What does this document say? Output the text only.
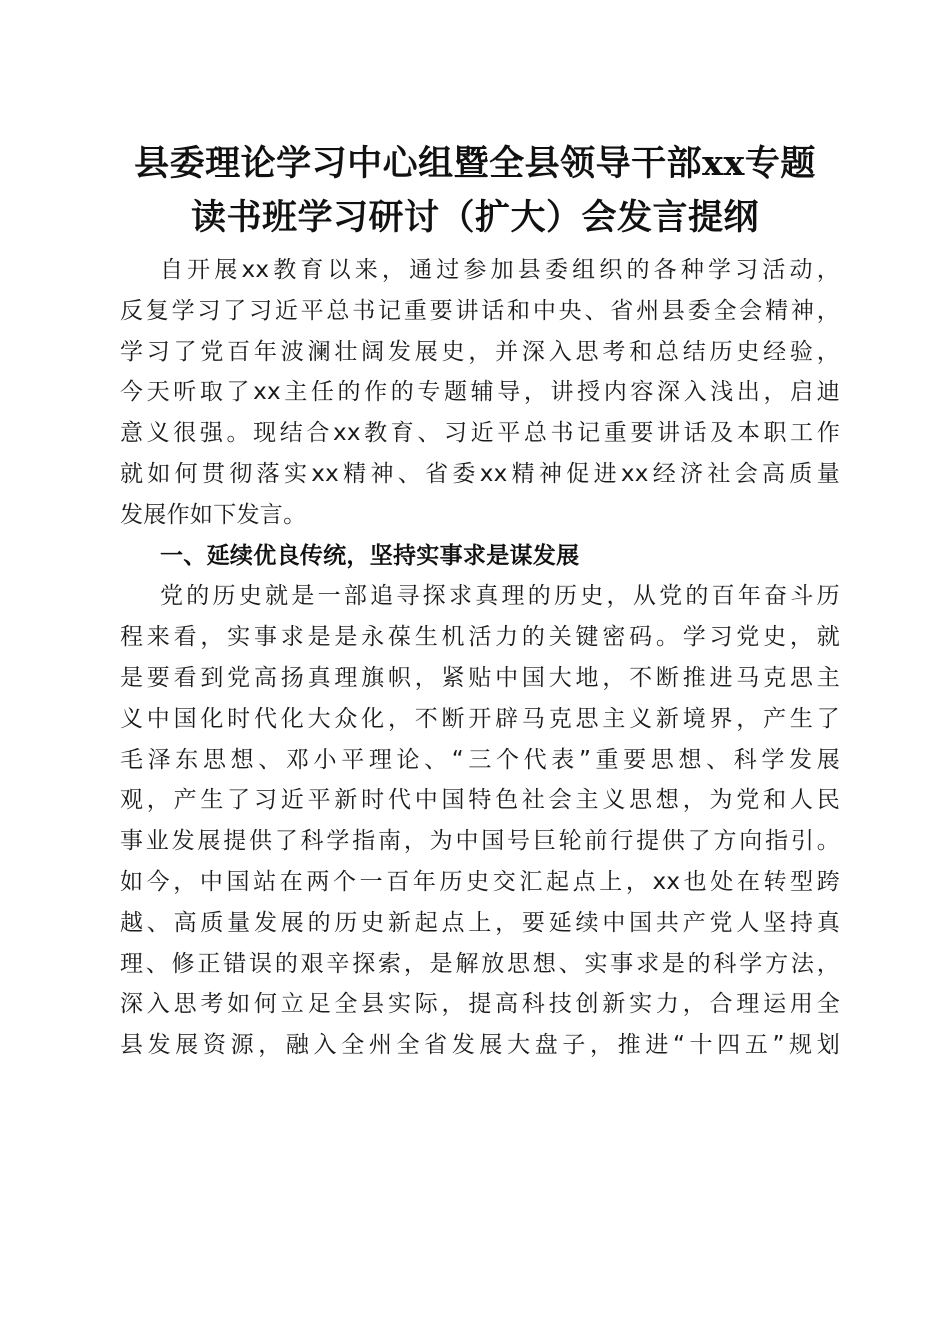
县委理论学习中心组暨全县领导干部xx专题
读书班学习研讨（扩大）会发言提纲
自开展xx教育以来，通过参加县委组织的各种学习活动，
反复学习了习近平总书记重要讲话和中央、省州县委全会精神，
学习了党百年波澜壮阔发展史，并深入思考和总结历史经验，
今天听取了xx主任的作的专题辅导，讲授内容深入浅出，启迪
意义很强。现结合xx教育、习近平总书记重要讲话及本职工作
就如何贯彻落实xx精神、省委xx精神促进xx经济社会高质量
发展作如下发言。
一、延续优良传统，坚持实事求是谋发展
党的历史就是一部追寻探求真理的历史，从党的百年奋斗历
程来看，实事求是是永葆生机活力的关键密码。学习党史，就
是要看到党高扬真理旗帜，紧贴中国大地，不断推进马克思主
义中国化时代化大众化，不断开辟马克思主义新境界，产生了
毛泽东思想、邓小平理论、“三个代表”重要思想、科学发展
观，产生了习近平新时代中国特色社会主义思想，为党和人民
事业发展提供了科学指南，为中国号巨轮前行提供了方向指引。
如今，中国站在两个一百年历史交汇起点上，xx也处在转型跨
越、高质量发展的历史新起点上，要延续中国共产党人坚持真
理、修正错误的艰辛探索，是解放思想、实事求是的科学方法，
深入思考如何立足全县实际，提高科技创新实力，合理运用全
县发展资源，融入全州全省发展大盘子，推进“十四五”规划
